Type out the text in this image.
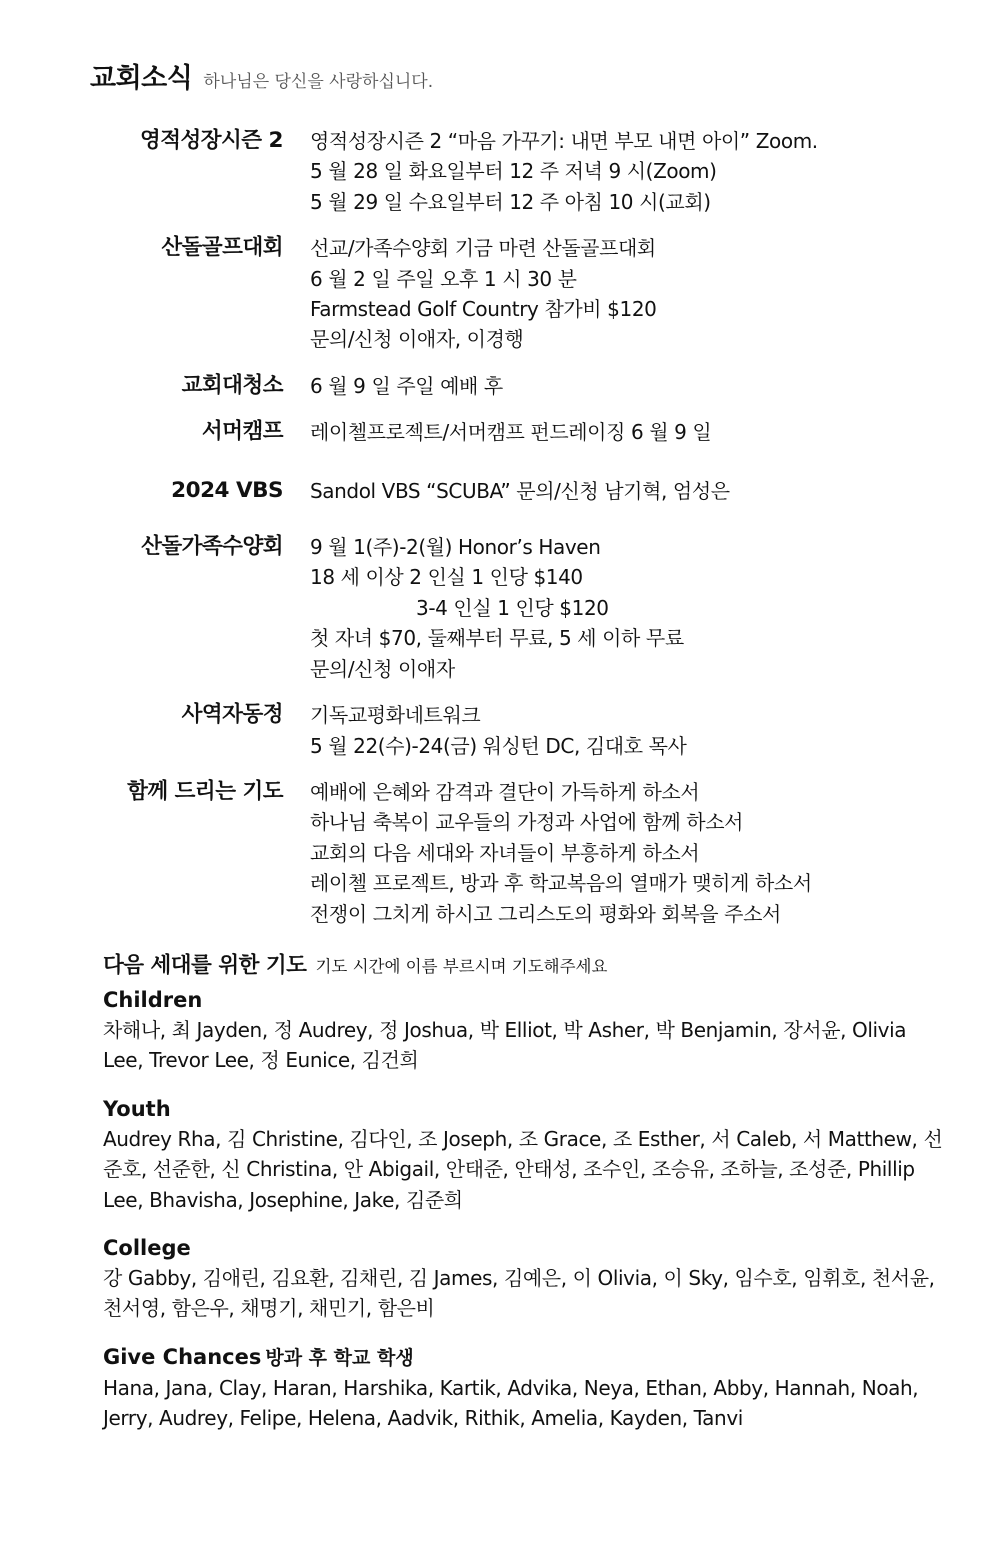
교회소식 하나님은 당신을 사랑하십니다.
영적성장시즌 2 영적성장시즌 2 “마음 가꾸기: 내면 부모 내면 아이” Zoom.
5 월 28 일 화요일부터 12 주 저녁 9 시(Zoom)
5 월 29 일 수요일부터 12 주 아침 10 시(교회)
산돌골프대회 선교/가족수양회 기금 마련 산돌골프대회
6 월 2 일 주일 오후 1 시 30 분
Farmstead Golf Country 참가비 $120
문의/신청 이애자, 이경행
교회대청소 6 월 9 일 주일 예배 후
서머캠프 레이첼프로젝트/서머캠프 펀드레이징 6 월 9 일
2024 VBS Sandol VBS “SCUBA” 문의/신청 남기혁, 엄성은
산돌가족수양회 9 월 1(주)-2(월) Honor’s Haven
18 세 이상 2 인실 1 인당 $140
3-4 인실 1 인당 $120
첫 자녀 $70, 둘째부터 무료, 5 세 이하 무료
문의/신청 이애자
사역자동정 기독교평화네트워크
5 월 22(수)-24(금) 워싱턴 DC, 김대호 목사
함께 드리는 기도 예배에 은혜와 감격과 결단이 가득하게 하소서
하나님 축복이 교우들의 가정과 사업에 함께 하소서
교회의 다음 세대와 자녀들이 부흥하게 하소서
레이첼 프로젝트, 방과 후 학교복음의 열매가 맺히게 하소서
전쟁이 그치게 하시고 그리스도의 평화와 회복을 주소서
다음 세대를 위한 기도 기도 시간에 이름 부르시며 기도해주세요
Children
차해나, 최 Jayden, 정 Audrey, 정 Joshua, 박 Elliot, 박 Asher, 박 Benjamin, 장서윤, Olivia Lee, Trevor Lee, 정 Eunice, 김건희
Youth
Audrey Rha, 김 Christine, 김다인, 조 Joseph, 조 Grace, 조 Esther, 서 Caleb, 서 Matthew, 선준호, 선준한, 신 Christina, 안 Abigail, 안태준, 안태성, 조수인, 조승유, 조하늘, 조성준, Phillip Lee, Bhavisha, Josephine, Jake, 김준희
College
강 Gabby, 김애린, 김요환, 김채린, 김 James, 김예은, 이 Olivia, 이 Sky, 임수호, 임휘호, 천서윤, 천서영, 함은우, 채명기, 채민기, 함은비
Give Chances 방과 후 학교 학생
Hana, Jana, Clay, Haran, Harshika, Kartik, Advika, Neya, Ethan, Abby, Hannah, Noah, Jerry, Audrey, Felipe, Helena, Aadvik, Rithik, Amelia, Kayden, Tanvi
